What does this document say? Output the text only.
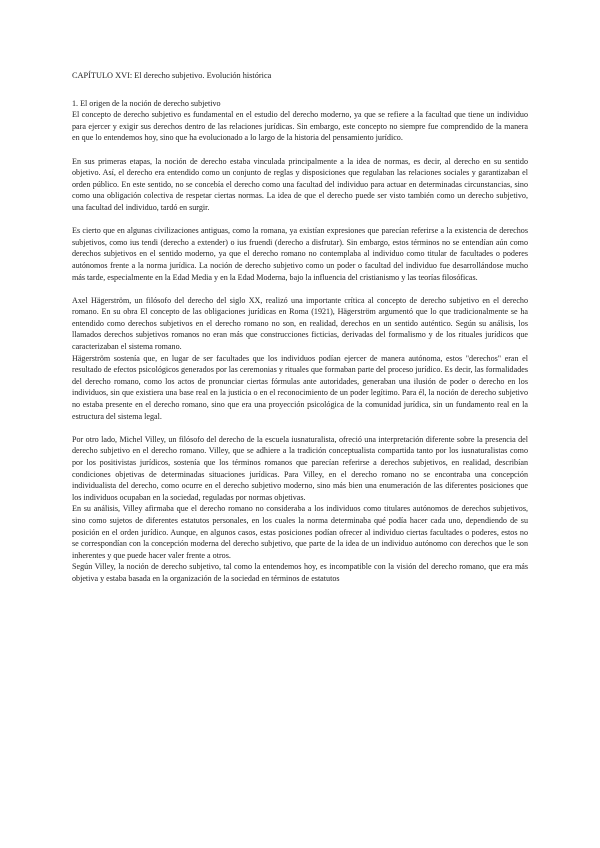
CAPÍTULO XVI: El derecho subjetivo. Evolución histórica
1. El origen de la noción de derecho subjetivo

El concepto de derecho subjetivo es fundamental en el estudio del derecho moderno, ya que se refiere a la facultad que tiene un individuo para ejercer y exigir sus derechos dentro de las relaciones jurídicas. Sin embargo, este concepto no siempre fue comprendido de la manera en que lo entendemos hoy, sino que ha evolucionado a lo largo de la historia del pensamiento jurídico.

En sus primeras etapas, la noción de derecho estaba vinculada principalmente a la idea de normas, es decir, al derecho en su sentido objetivo. Así, el derecho era entendido como un conjunto de reglas y disposiciones que regulaban las relaciones sociales y garantizaban el orden público. En este sentido, no se concebía el derecho como una facultad del individuo para actuar en determinadas circunstancias, sino como una obligación colectiva de respetar ciertas normas. La idea de que el derecho puede ser visto también como un derecho subjetivo, una facultad del individuo, tardó en surgir.

Es cierto que en algunas civilizaciones antiguas, como la romana, ya existían expresiones que parecían referirse a la existencia de derechos subjetivos, como ius tendi (derecho a extender) o ius fruendi (derecho a disfrutar). Sin embargo, estos términos no se entendían aún como derechos subjetivos en el sentido moderno, ya que el derecho romano no contemplaba al individuo como titular de facultades o poderes autónomos frente a la norma jurídica. La noción de derecho subjetivo como un poder o facultad del individuo fue desarrollándose mucho más tarde, especialmente en la Edad Media y en la Edad Moderna, bajo la influencia del cristianismo y las teorías filosóficas.

Axel Hägerström, un filósofo del derecho del siglo XX, realizó una importante crítica al concepto de derecho subjetivo en el derecho romano. En su obra El concepto de las obligaciones jurídicas en Roma (1921), Hägerström argumentó que lo que tradicionalmente se ha entendido como derechos subjetivos en el derecho romano no son, en realidad, derechos en un sentido auténtico. Según su análisis, los llamados derechos subjetivos romanos no eran más que construcciones ficticias, derivadas del formalismo y de los rituales jurídicos que caracterizaban el sistema romano.

Hägerström sostenía que, en lugar de ser facultades que los individuos podían ejercer de manera autónoma, estos "derechos" eran el resultado de efectos psicológicos generados por las ceremonias y rituales que formaban parte del proceso jurídico. Es decir, las formalidades del derecho romano, como los actos de pronunciar ciertas fórmulas ante autoridades, generaban una ilusión de poder o derecho en los individuos, sin que existiera una base real en la justicia o en el reconocimiento de un poder legítimo. Para él, la noción de derecho subjetivo no estaba presente en el derecho romano, sino que era una proyección psicológica de la comunidad jurídica, sin un fundamento real en la estructura del sistema legal.

Por otro lado, Michel Villey, un filósofo del derecho de la escuela iusnaturalista, ofreció una interpretación diferente sobre la presencia del derecho subjetivo en el derecho romano. Villey, que se adhiere a la tradición conceptualista compartida tanto por los iusnaturalistas como por los positivistas jurídicos, sostenía que los términos romanos que parecían referirse a derechos subjetivos, en realidad, describían condiciones objetivas de determinadas situaciones jurídicas. Para Villey, en el derecho romano no se encontraba una concepción individualista del derecho, como ocurre en el derecho subjetivo moderno, sino más bien una enumeración de las diferentes posiciones que los individuos ocupaban en la sociedad, reguladas por normas objetivas.

En su análisis, Villey afirmaba que el derecho romano no consideraba a los individuos como titulares autónomos de derechos subjetivos, sino como sujetos de diferentes estatutos personales, en los cuales la norma determinaba qué podía hacer cada uno, dependiendo de su posición en el orden jurídico. Aunque, en algunos casos, estas posiciones podían ofrecer al individuo ciertas facultades o poderes, estos no se correspondían con la concepción moderna del derecho subjetivo, que parte de la idea de un individuo autónomo con derechos que le son inherentes y que puede hacer valer frente a otros.

Según Villey, la noción de derecho subjetivo, tal como la entendemos hoy, es incompatible con la visión del derecho romano, que era más objetiva y estaba basada en la organización de la sociedad en términos de estatutos
